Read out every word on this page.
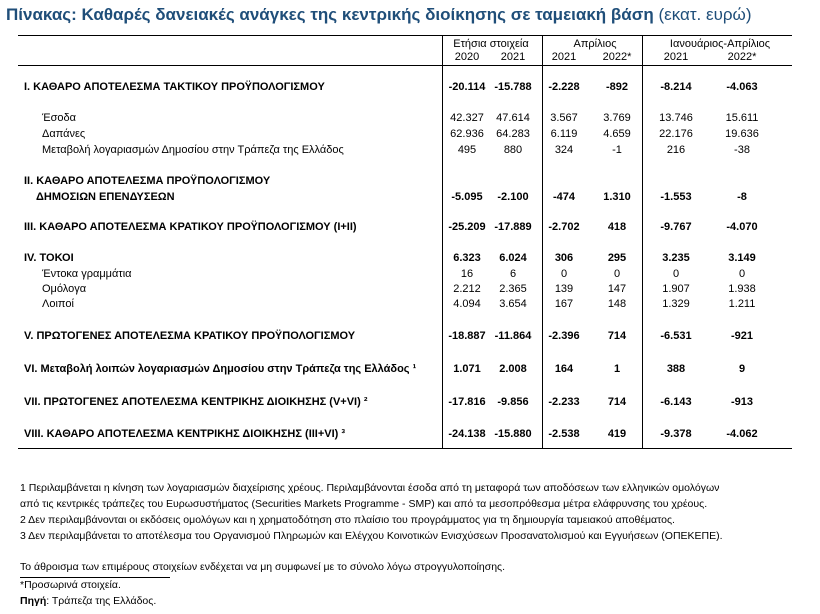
Πίνακας: Καθαρές δανειακές ανάγκες της κεντρικής διοίκησης σε ταμειακή βάση (εκατ. ευρώ)
Ετήσια στοιχεία	Απρίλιος	Ιανουάριος-Απρίλιος
2020	2021	2021	2022*	2021	2022*
I. ΚΑΘΑΡΟ ΑΠΟΤΕΛΕΣΜΑ ΤΑΚΤΙΚΟΥ ΠΡΟΫΠΟΛΟΓΙΣΜΟΥ	-20.114 -15.788	-2.228	-892	-8.214	-4.063
Έσοδα	42.327 47.614	3.567	3.769	13.746	15.611
Δαπάνες	62.936 64.283	6.119	4.659	22.176	19.636
Μεταβολή λογαριασμών Δημοσίου στην Τράπεζα της Ελλάδος	495	880	324	-1	216	-38
II. ΚΑΘΑΡΟ ΑΠΟΤΕΛΕΣΜΑ ΠΡΟΫΠΟΛΟΓΙΣΜΟΥ
ΔΗΜΟΣΙΩΝ ΕΠΕΝΔΥΣΕΩΝ	-5.095	-2.100	-474	1.310	-1.553	-8
III. ΚΑΘΑΡΟ ΑΠΟΤΕΛΕΣΜΑ ΚΡΑΤΙΚΟΥ ΠΡΟΫΠΟΛΟΓΙΣΜΟΥ (I+II)	-25.209 -17.889	-2.702	418	-9.767	-4.070
IV. ΤΟΚΟΙ	6.323	6.024	306	295	3.235	3.149
Έντοκα γραμμάτια	16	6	0	0	0	0
Ομόλογα	2.212	2.365	139	147	1.907	1.938
Λοιποί	4.094	3.654	167	148	1.329	1.211
V. ΠΡΩΤΟΓΕΝΕΣ ΑΠΟΤΕΛΕΣΜΑ ΚΡΑΤΙΚΟΥ ΠΡΟΫΠΟΛΟΓΙΣΜΟΥ	-18.887 -11.864	-2.396	714	-6.531	-921
VI. Μεταβολή λοιπών λογαριασμών Δημοσίου στην Τράπεζα της Ελλάδος ¹	1.071	2.008	164	1	388	9
VII. ΠΡΩΤΟΓΕΝΕΣ ΑΠΟΤΕΛΕΣΜΑ ΚΕΝΤΡΙΚΗΣ ΔΙΟΙΚΗΣΗΣ (V+VI) ²	-17.816	-9.856	-2.233	714	-6.143	-913
VIII. ΚΑΘΑΡΟ ΑΠΟΤΕΛΕΣΜΑ ΚΕΝΤΡΙΚΗΣ ΔΙΟΙΚΗΣΗΣ (III+VI) ³	-24.138 -15.880	-2.538	419	-9.378	-4.062
1 Περιλαμβάνεται η κίνηση των λογαριασμών διαχείρισης χρέους. Περιλαμβάνονται έσοδα από τη μεταφορά των αποδόσεων των ελληνικών ομολόγων
από τις κεντρικές τράπεζες του Ευρωσυστήματος (Securities Markets Programme - SMP) και από τα μεσοπρόθεσμα μέτρα ελάφρυνσης του χρέους.
2 Δεν περιλαμβάνονται οι εκδόσεις ομολόγων και η χρηματοδότηση στο πλαίσιο του προγράμματος για τη δημιουργία ταμειακού αποθέματος.
3 Δεν περιλαμβάνεται το αποτέλεσμα του Οργανισμού Πληρωμών και Ελέγχου Κοινοτικών Ενισχύσεων Προσανατολισμού και Εγγυήσεων (ΟΠΕΚΕΠΕ).
Το άθροισμα των επιμέρους στοιχείων ενδέχεται να μη συμφωνεί με το σύνολο λόγω στρογγυλοποίησης.
*Προσωρινά στοιχεία.
Πηγή: Τράπεζα της Ελλάδος.
